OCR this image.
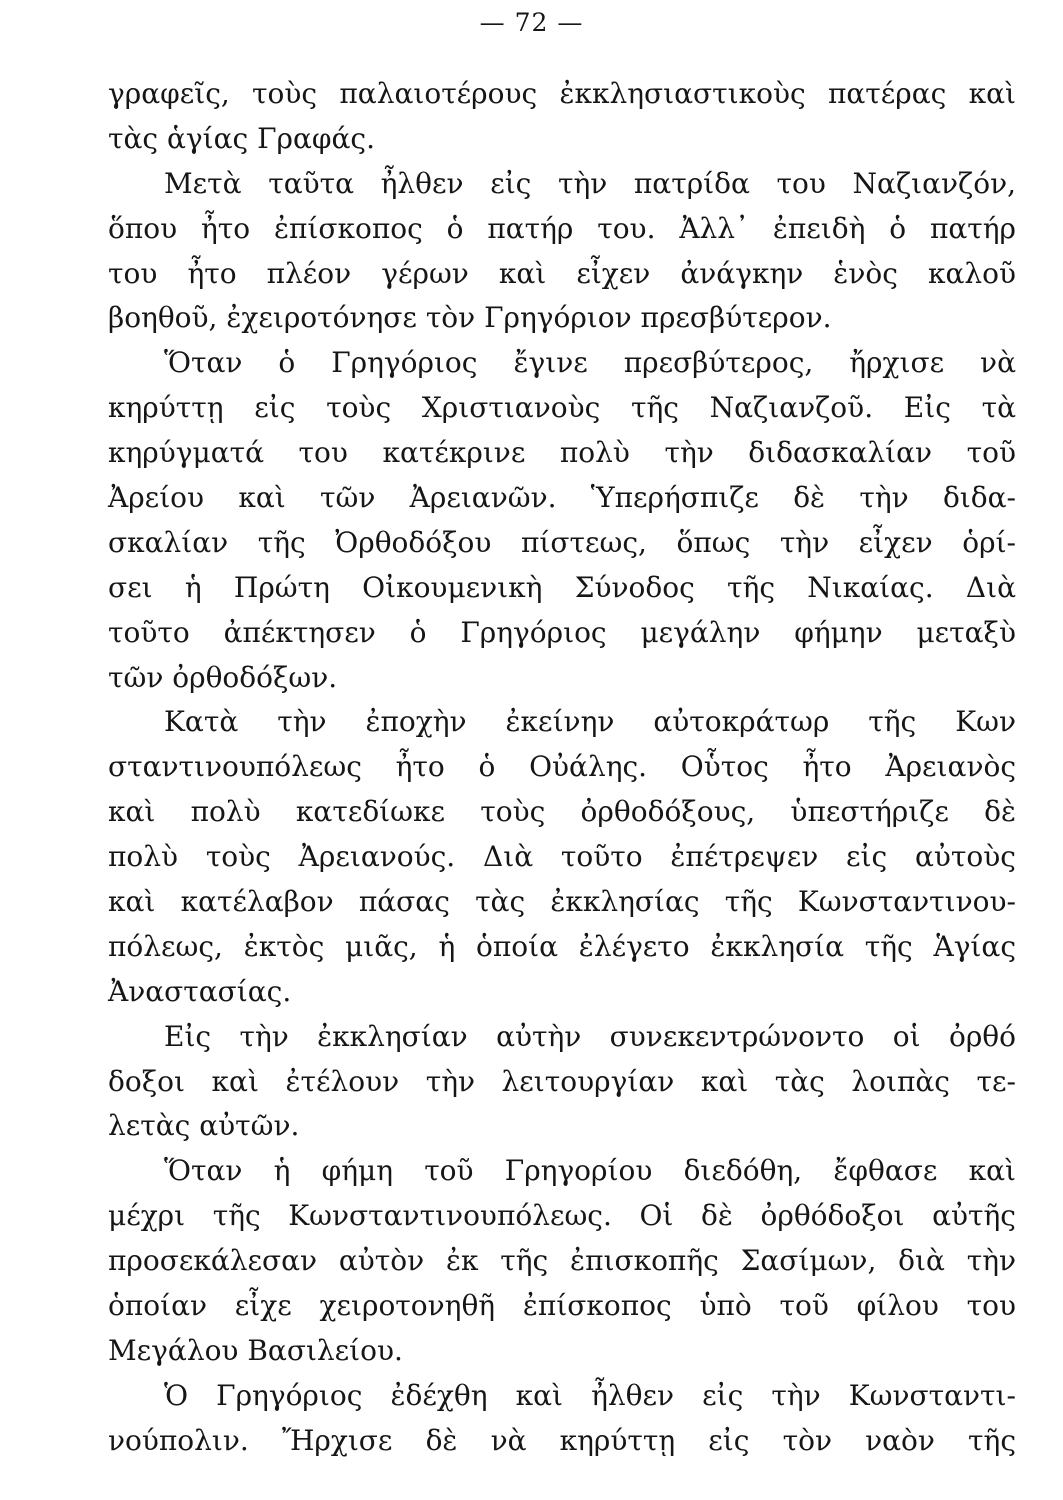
— 72 —
γραφεῖς, τοὺς παλαιοτέρους ἐκκλησιαστικοὺς πατέρας καὶ
τὰς ἁγίας Γραφάς.
Μετὰ ταῦτα ἦλθεν εἰς τὴν πατρίδα του Ναζιανζόν,
ὅπου ἦτο ἐπίσκοπος ὁ πατήρ του. Ἀλλ᾽ ἐπειδὴ ὁ πατήρ
του ἦτο πλέον γέρων καὶ εἶχεν ἀνάγκην ἑνὸς καλοῦ
βοηθοῦ, ἐχειροτόνησε τὸν Γρηγόριον πρεσβύτερον.
Ὅταν ὁ Γρηγόριος ἔγινε πρεσβύτερος, ἤρχισε νὰ
κηρύττῃ εἰς τοὺς Χριστιανοὺς τῆς Ναζιανζοῦ. Εἰς τὰ
κηρύγματά του κατέκρινε πολὺ τὴν διδασκαλίαν τοῦ
Ἀρείου καὶ τῶν Ἀρειανῶν. Ὑπερήσπιζε δὲ τὴν διδα-
σκαλίαν τῆς Ὀρθοδόξου πίστεως, ὅπως τὴν εἶχεν ὁρί-
σει ἡ Πρώτη Οἰκουμενικὴ Σύνοδος τῆς Νικαίας. Διὰ
τοῦτο ἀπέκτησεν ὁ Γρηγόριος μεγάλην φήμην μεταξὺ
τῶν ὀρθοδόξων.
Κατὰ τὴν ἐποχὴν ἐκείνην αὐτοκράτωρ τῆς Κων
σταντινουπόλεως ἦτο ὁ Οὐάλης. Οὗτος ἦτο Ἀρειανὸς
καὶ πολὺ κατεδίωκε τοὺς ὀρθοδόξους, ὑπεστήριζε δὲ
πολὺ τοὺς Ἀρειανούς. Διὰ τοῦτο ἐπέτρεψεν εἰς αὐτοὺς
καὶ κατέλαβον πάσας τὰς ἐκκλησίας τῆς Κωνσταντινου-
πόλεως, ἐκτὸς μιᾶς, ἡ ὁποία ἐλέγετο ἐκκλησία τῆς Ἁγίας
Ἀναστασίας.
Εἰς τὴν ἐκκλησίαν αὐτὴν συνεκεντρώνοντο οἱ ὀρθό
δοξοι καὶ ἐτέλουν τὴν λειτουργίαν καὶ τὰς λοιπὰς τε-
λετὰς αὐτῶν.
Ὅταν ἡ φήμη τοῦ Γρηγορίου διεδόθη, ἔφθασε καὶ
μέχρι τῆς Κωνσταντινουπόλεως. Οἱ δὲ ὀρθόδοξοι αὐτῆς
προσεκάλεσαν αὐτὸν ἐκ τῆς ἐπισκοπῆς Σασίμων, διὰ τὴν
ὁποίαν εἶχε χειροτονηθῆ ἐπίσκοπος ὑπὸ τοῦ φίλου του
Μεγάλου Βασιλείου.
Ὁ Γρηγόριος ἐδέχθη καὶ ἦλθεν εἰς τὴν Κωνσταντι-
νούπολιν. Ἤρχισε δὲ νὰ κηρύττῃ εἰς τὸν ναὸν τῆς
